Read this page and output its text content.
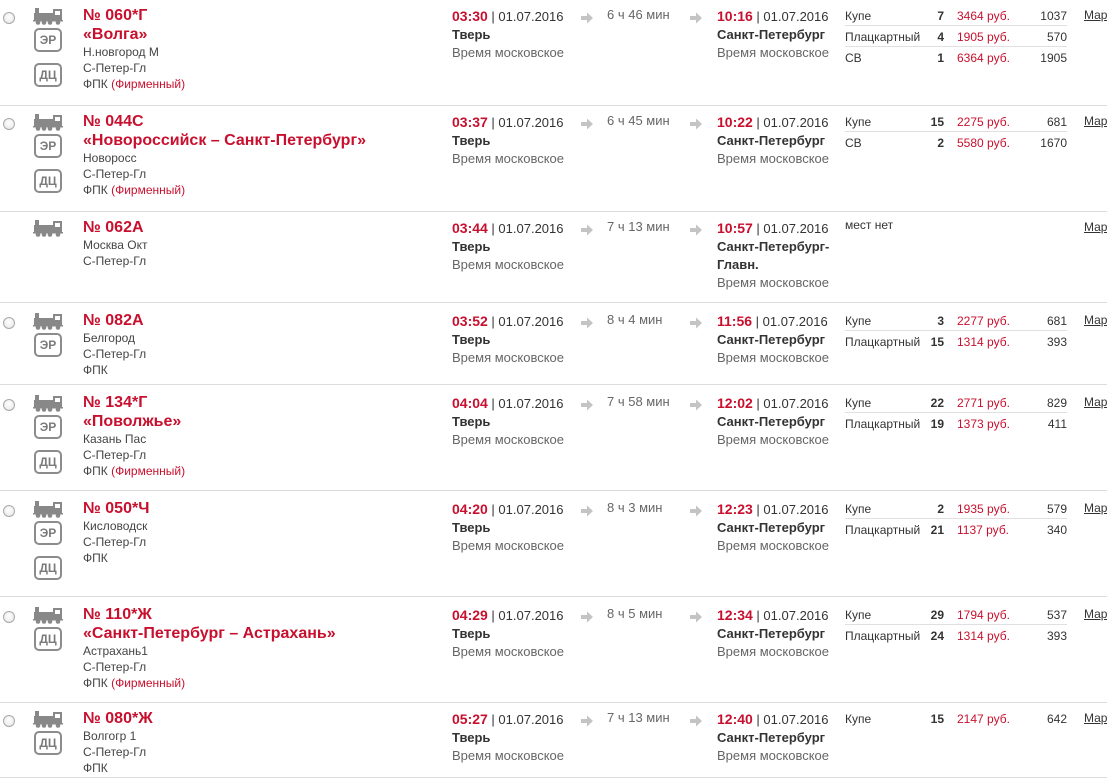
ЭР
ДЦ
№ 060*Г
«Волга»
Н.новгород М
С-Петер-Гл
ФПК (Фирменный)
03:30 | 01.07.2016
Тверь
Время московское
6 ч 46 мин	10:16 | 01.07.2016
Санкт-Петербург
Время московское
Купе	7 3464 руб.	1037
Плацкартный 4 1905 руб.	570
СВ	1 6364 руб.	1905
Мар
ЭР
ДЦ
№ 044С
«Новороссийск – Санкт-Петербург»
Новоросс
С-Петер-Гл
ФПК (Фирменный)
03:37 | 01.07.2016
Тверь
Время московское
6 ч 45 мин	10:22 | 01.07.2016
Санкт-Петербург
Время московское
Купе	15 2275 руб.	681
СВ	2 5580 руб.	1670
Мар
№ 062А
Москва Окт
С-Петер-Гл
03:44 | 01.07.2016
Тверь
Время московское
7 ч 13 мин	10:57 | 01.07.2016
Санкт-Петербург-Главн.
Время московское
мест нет	Мар
ЭР
№ 082А
Белгород
С-Петер-Гл
ФПК
03:52 | 01.07.2016
Тверь
Время московское
8 ч 4 мин	11:56 | 01.07.2016
Санкт-Петербург
Время московское
Купе	3 2277 руб.	681
Плацкартный 15 1314 руб.	393
Мар
ЭР
ДЦ
№ 134*Г
«Поволжье»
Казань Пас
С-Петер-Гл
ФПК (Фирменный)
04:04 | 01.07.2016
Тверь
Время московское
7 ч 58 мин	12:02 | 01.07.2016
Санкт-Петербург
Время московское
Купе	22 2771 руб.	829
Плацкартный 19 1373 руб.	411
Мар
ЭР
ДЦ
№ 050*Ч
Кисловодск
С-Петер-Гл
ФПК
04:20 | 01.07.2016
Тверь
Время московское
8 ч 3 мин	12:23 | 01.07.2016
Санкт-Петербург
Время московское
Купе	2 1935 руб.	579
Плацкартный 21 1137 руб.	340
Мар
ДЦ
№ 110*Ж
«Санкт-Петербург – Астрахань»
Астрахань1
С-Петер-Гл
ФПК (Фирменный)
04:29 | 01.07.2016
Тверь
Время московское
8 ч 5 мин	12:34 | 01.07.2016
Санкт-Петербург
Время московское
Купе	29 1794 руб.	537
Плацкартный 24 1314 руб.	393
Мар
ДЦ
№ 080*Ж
Волгогр 1
С-Петер-Гл
ФПК
05:27 | 01.07.2016
Тверь
Время московское
7 ч 13 мин	12:40 | 01.07.2016
Санкт-Петербург
Время московское
Купе	15 2147 руб.	642 Мар
